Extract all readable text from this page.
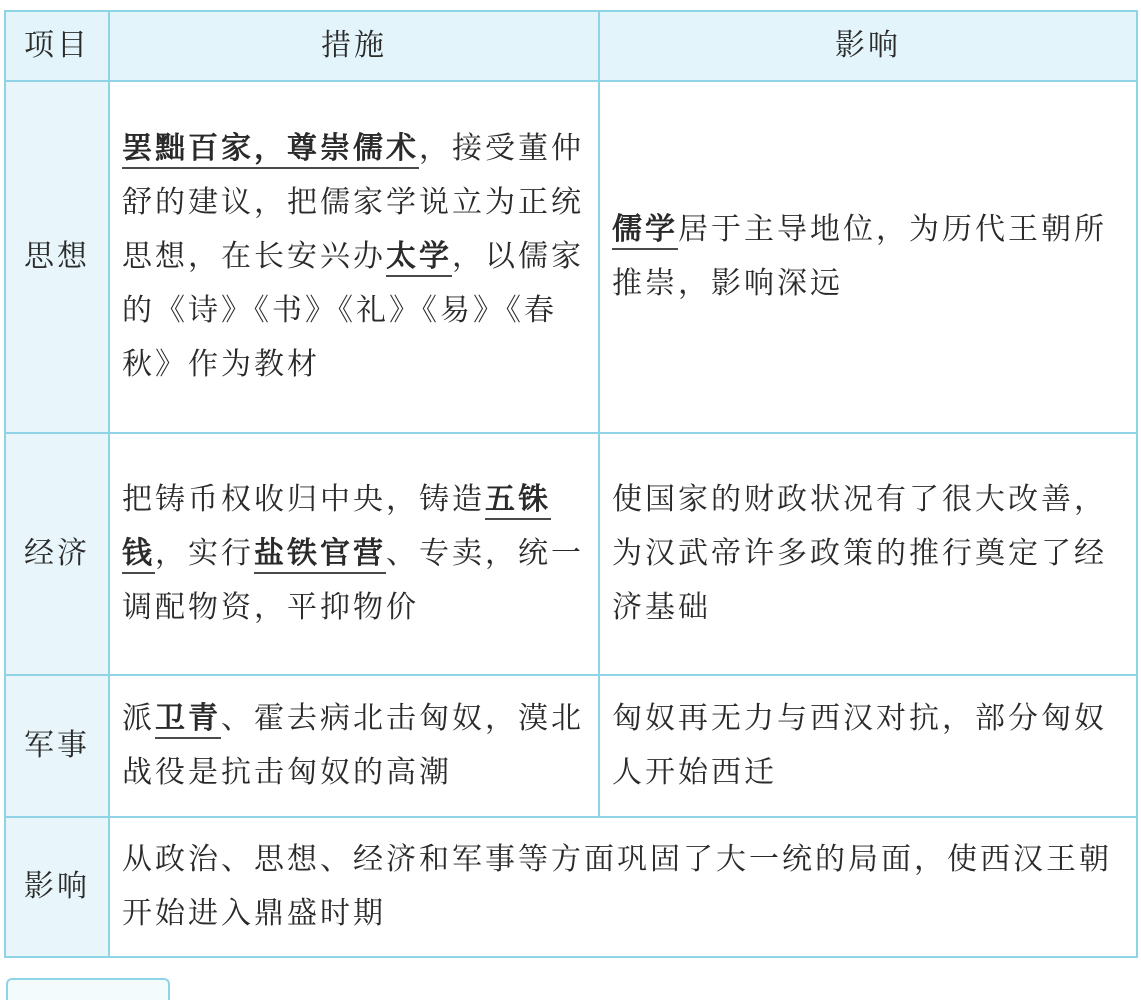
项目	措施	影响
思想	罢黜百家，尊崇儒术，接受董仲舒的建议，把儒家学说立为正统思想，在长安兴办太学，以儒家的《诗》《书》《礼》《易》《春秋》作为教材	儒学居于主导地位，为历代王朝所推崇，影响深远
经济	把铸币权收归中央，铸造五铢钱，实行盐铁官营、专卖，统一调配物资，平抑物价	使国家的财政状况有了很大改善，为汉武帝许多政策的推行奠定了经济基础
军事	派卫青、霍去病北击匈奴，漠北战役是抗击匈奴的高潮	匈奴再无力与西汉对抗，部分匈奴人开始西迁
影响	从政治、思想、经济和军事等方面巩固了大一统的局面，使西汉王朝开始进入鼎盛时期	
